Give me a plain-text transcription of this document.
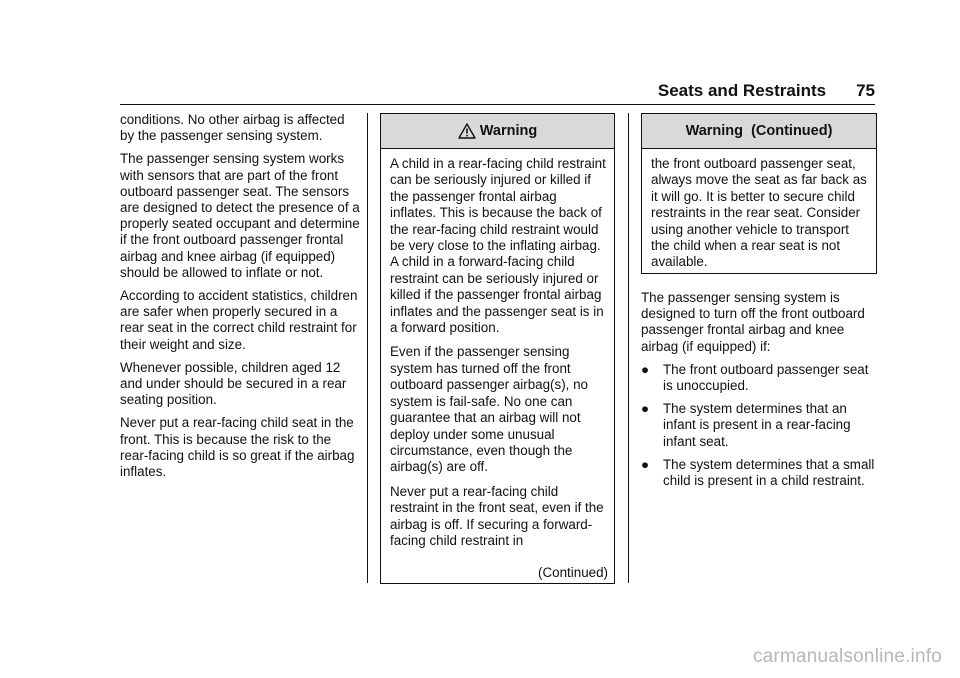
Seats and Restraints 75

conditions. No other airbag is affected by the passenger sensing system.

The passenger sensing system works with sensors that are part of the front outboard passenger seat. The sensors are designed to detect the presence of a properly seated occupant and determine if the front outboard passenger frontal airbag and knee airbag (if equipped) should be allowed to inflate or not.

According to accident statistics, children are safer when properly secured in a rear seat in the correct child restraint for their weight and size.

Whenever possible, children aged 12 and under should be secured in a rear seating position.

Never put a rear-facing child seat in the front. This is because the risk to the rear-facing child is so great if the airbag inflates.

Warning

A child in a rear-facing child restraint can be seriously injured or killed if the passenger frontal airbag inflates. This is because the back of the rear-facing child restraint would be very close to the inflating airbag. A child in a forward-facing child restraint can be seriously injured or killed if the passenger frontal airbag inflates and the passenger seat is in a forward position.

Even if the passenger sensing system has turned off the front outboard passenger airbag(s), no system is fail-safe. No one can guarantee that an airbag will not deploy under some unusual circumstance, even though the airbag(s) are off.

Never put a rear-facing child restraint in the front seat, even if the airbag is off. If securing a forward-facing child restraint in

(Continued)
Warning  (Continued)

the front outboard passenger seat, always move the seat as far back as it will go. It is better to secure child restraints in the rear seat. Consider using another vehicle to transport the child when a rear seat is not available.

The passenger sensing system is designed to turn off the front outboard passenger frontal airbag and knee airbag (if equipped) if:

●	The front outboard passenger seat is unoccupied.
●	The system determines that an infant is present in a rear-facing infant seat.
●	The system determines that a small child is present in a child restraint.
carmanualsonline.info
